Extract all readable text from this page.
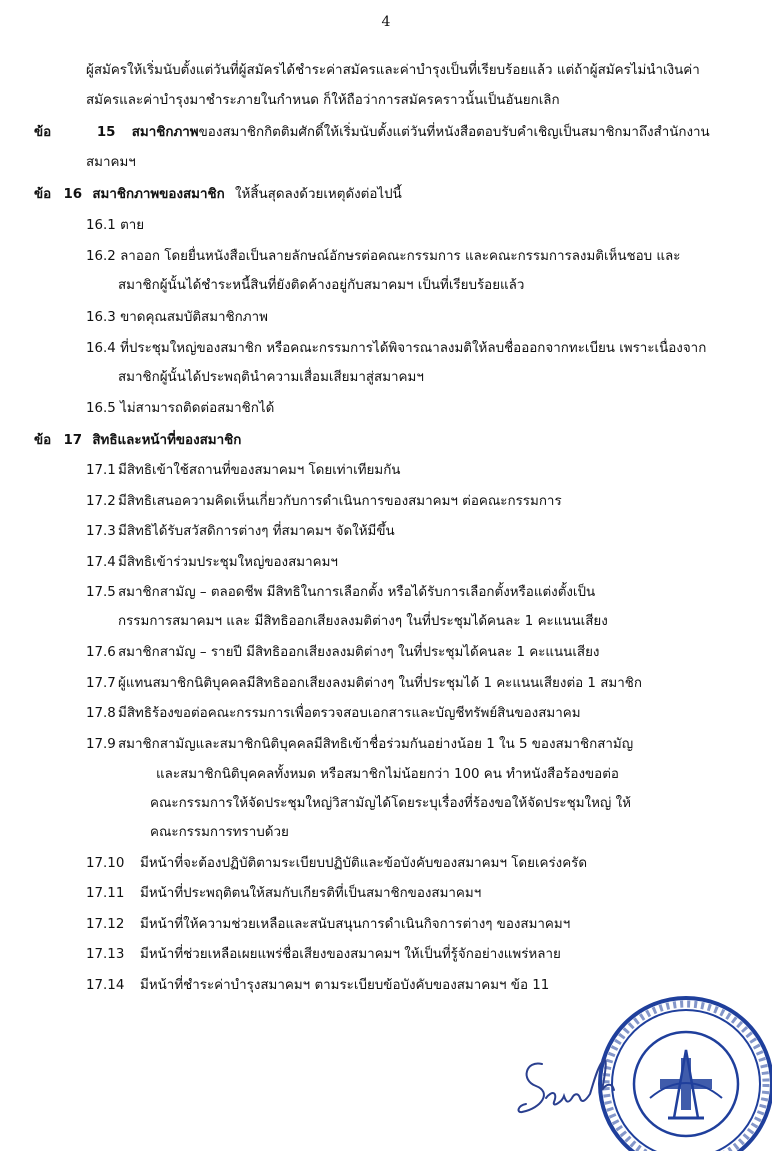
4
ผู้สมัครให้เริ่มนับตั้งแต่วันที่ผู้สมัครได้ชำระค่าสมัครและค่าบำรุงเป็นที่เรียบร้อยแล้ว แต่ถ้าผู้สมัครไม่นำเงินค่า
สมัครและค่าบำรุงมาชำระภายในกำหนด ก็ให้ถือว่าการสมัครคราวนั้นเป็นอันยกเลิก
ข้อ	15 สมาชิกภาพของสมาชิกกิตติมศักดิ์ให้เริ่มนับตั้งแต่วันที่หนังสือตอบรับคำเชิญเป็นสมาชิกมาถึงสำนักงาน
สมาคมฯ
ข้อ 16 สมาชิกภาพของสมาชิก ให้สิ้นสุดลงด้วยเหตุดังต่อไปนี้
16.1 ตาย
16.2 ลาออก โดยยื่นหนังสือเป็นลายลักษณ์อักษรต่อคณะกรรมการ และคณะกรรมการลงมติเห็นชอบ และ
สมาชิกผู้นั้นได้ชำระหนี้สินที่ยังติดค้างอยู่กับสมาคมฯ เป็นที่เรียบร้อยแล้ว
16.3 ขาดคุณสมบัติสมาชิกภาพ
16.4 ที่ประชุมใหญ่ของสมาชิก หรือคณะกรรมการได้พิจารณาลงมติให้ลบชื่อออกจากทะเบียน เพราะเนื่องจาก
สมาชิกผู้นั้นได้ประพฤตินำความเสื่อมเสียมาสู่สมาคมฯ
16.5 ไม่สามารถติดต่อสมาชิกได้
ข้อ 17 สิทธิและหน้าที่ของสมาชิก
17.1 มีสิทธิเข้าใช้สถานที่ของสมาคมฯ โดยเท่าเทียมกัน
17.2 มีสิทธิเสนอความคิดเห็นเกี่ยวกับการดำเนินการของสมาคมฯ ต่อคณะกรรมการ
17.3 มีสิทธิได้รับสวัสดิการต่างๆ ที่สมาคมฯ จัดให้มีขึ้น
17.4 มีสิทธิเข้าร่วมประชุมใหญ่ของสมาคมฯ
17.5 สมาชิกสามัญ – ตลอดชีพ มีสิทธิในการเลือกตั้ง หรือได้รับการเลือกตั้งหรือแต่งตั้งเป็น
กรรมการสมาคมฯ และ มีสิทธิออกเสียงลงมติต่างๆ ในที่ประชุมได้คนละ 1 คะแนนเสียง
17.6 สมาชิกสามัญ – รายปี มีสิทธิออกเสียงลงมติต่างๆ ในที่ประชุมได้คนละ 1 คะแนนเสียง
17.7 ผู้แทนสมาชิกนิติบุคคลมีสิทธิออกเสียงลงมติต่างๆ ในที่ประชุมได้ 1 คะแนนเสียงต่อ 1 สมาชิก
17.8 มีสิทธิร้องขอต่อคณะกรรมการเพื่อตรวจสอบเอกสารและบัญชีทรัพย์สินของสมาคม
17.9 สมาชิกสามัญและสมาชิกนิติบุคคลมีสิทธิเข้าชื่อร่วมกันอย่างน้อย 1 ใน 5 ของสมาชิกสามัญ
และสมาชิกนิติบุคคลทั้งหมด หรือสมาชิกไม่น้อยกว่า 100 คน ทำหนังสือร้องขอต่อ
คณะกรรมการให้จัดประชุมใหญ่วิสามัญได้โดยระบุเรื่องที่ร้องขอให้จัดประชุมใหญ่ ให้
คณะกรรมการทราบด้วย
17.10 มีหน้าที่จะต้องปฏิบัติตามระเบียบปฏิบัติและข้อบังคับของสมาคมฯ โดยเคร่งครัด
17.11 มีหน้าที่ประพฤติตนให้สมกับเกียรติที่เป็นสมาชิกของสมาคมฯ
17.12 มีหน้าที่ให้ความช่วยเหลือและสนับสนุนการดำเนินกิจการต่างๆ ของสมาคมฯ
17.13 มีหน้าที่ช่วยเหลือเผยแพร่ชื่อเสียงของสมาคมฯ ให้เป็นที่รู้จักอย่างแพร่หลาย
17.14 มีหน้าที่ชำระค่าบำรุงสมาคมฯ ตามระเบียบข้อบังคับของสมาคมฯ ข้อ 11
